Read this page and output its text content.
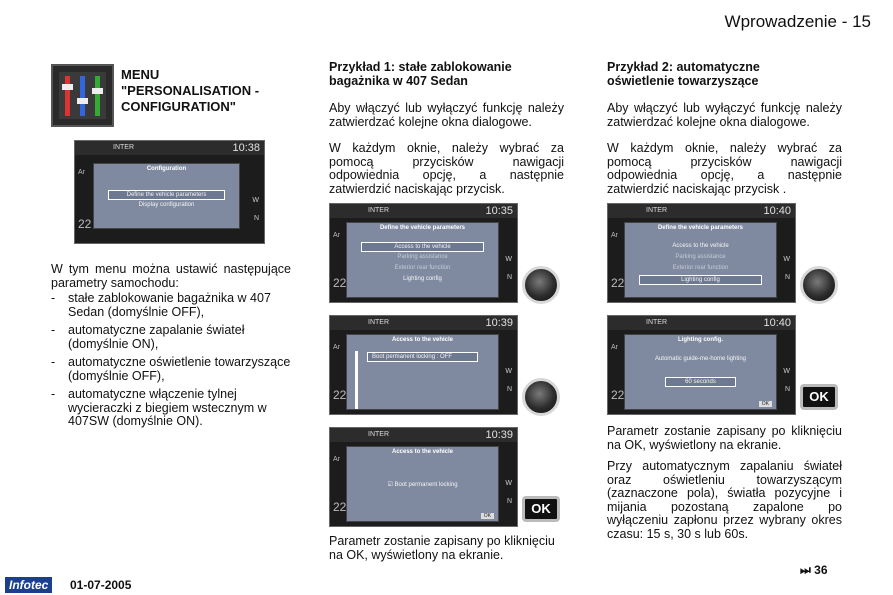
Wprowadzenie - 15
MENU
"PERSONALISATION -
CONFIGURATION"
INTER	10:38
Ar
22
W
N
Configuration
Define the vehicle parameters
Display configuration
W tym menu można ustawić następujące parametry samochodu:
- stałe zablokowanie bagażnika w 407 Sedan (domyślnie OFF),
- automatyczne zapalanie świateł (domyślnie ON),
- automatyczne oświetlenie towarzyszące (domyślnie OFF),
- automatyczne włączenie tylnej wycieraczki z biegiem wstecznym w 407SW (domyślnie ON).
Przykład 1: stałe zablokowanie
bagażnika w 407 Sedan
Aby włączyć lub wyłączyć funkcję należy zatwierdzać kolejne okna dialogowe.
W każdym oknie, należy wybrać za pomocą przycisków nawigacji odpowiednia opcję, a następnie zatwierdzić naciskając przycisk.
INTER	10:35
Ar
22
W
N
Define the vehicle parameters
Access to the vehicle
Parking assistance
Exterior rear function
Lighting config
INTER	10:39
Ar
22
W
N
Access to the vehicle
Boot permanent locking : OFF
INTER	10:39
Ar
22
W
N
Access to the vehicle
☑ Boot permanent locking
OK	OK
Parametr zostanie zapisany po kliknięciu na OK, wyświetlony na ekranie.
Przykład 2: automatyczne
oświetlenie towarzyszące
Aby włączyć lub wyłączyć funkcję należy zatwierdzać kolejne okna dialogowe.
W każdym oknie, należy wybrać za pomocą przycisków nawigacji odpowiednia opcję, a następnie zatwierdzić naciskając przycisk .
INTER	10:40
Ar
22
W
N
Define the vehicle parameters
Access to the vehicle
Parking assistance
Exterior rear function
Lighting config
INTER	10:40
Ar
22
W
N
Lighting config.
Automatic guide-me-home lighting
60 seconds
OK	OK
Parametr zostanie zapisany po kliknięciu na OK, wyświetlony na ekranie.
Przy automatycznym zapalaniu świateł oraz oświetleniu towarzyszącym (zaznaczone pola), światła pozycyjne i mijania pozostaną zapalone po wyłączeniu zapłonu przez wybrany okres czasu: 15 s, 30 s lub 60s.
Infotec	01-07-2005
⏭ 36
